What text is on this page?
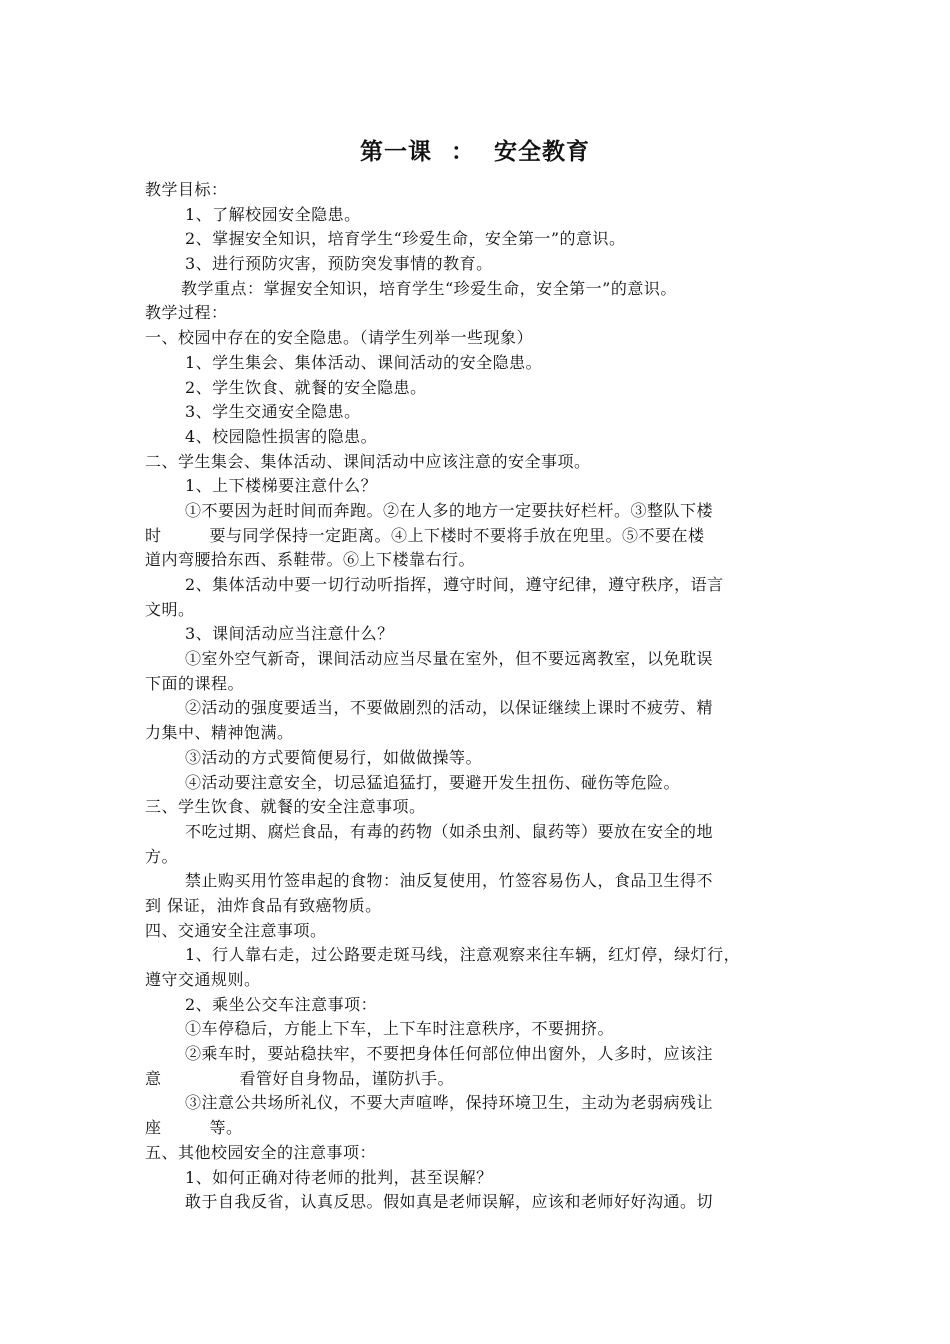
第一课 ： 安全教育
教学目标：
1、了解校园安全隐患。
2、掌握安全知识，培育学生“珍爱生命，安全第一”的意识。
3、进行预防灾害，预防突发事情的教育。
教学重点：掌握安全知识，培育学生“珍爱生命，安全第一”的意识。
教学过程：
一、校园中存在的安全隐患。（请学生列举一些现象）
1、学生集会、集体活动、课间活动的安全隐患。
2、学生饮食、就餐的安全隐患。
3、学生交通安全隐患。
4、校园隐性损害的隐患。
二、学生集会、集体活动、课间活动中应该注意的安全事项。
1、上下楼梯要注意什么？
①不要因为赶时间而奔跑。②在人多的地方一定要扶好栏杆。③整队下楼
时	要与同学保持一定距离。④上下楼时不要将手放在兜里。⑤不要在楼
道内弯腰拾东西、系鞋带。⑥上下楼靠右行。
2、集体活动中要一切行动听指挥，遵守时间，遵守纪律，遵守秩序，语言
文明。
3、课间活动应当注意什么？
①室外空气新奇，课间活动应当尽量在室外，但不要远离教室，以免耽误
下面的课程。
②活动的强度要适当，不要做剧烈的活动，以保证继续上课时不疲劳、精
力集中、精神饱满。
③活动的方式要简便易行，如做做操等。
④活动要注意安全，切忌猛追猛打，要避开发生扭伤、碰伤等危险。
三、学生饮食、就餐的安全注意事项。
不吃过期、腐烂食品，有毒的药物（如杀虫剂、鼠药等）要放在安全的地
方。
禁止购买用竹签串起的食物：油反复使用，竹签容易伤人，食品卫生得不
到 保证，油炸食品有致癌物质。
四、交通安全注意事项。
1、行人靠右走，过公路要走斑马线，注意观察来往车辆，红灯停，绿灯行，
遵守交通规则。
2、乘坐公交车注意事项：
①车停稳后，方能上下车，上下车时注意秩序，不要拥挤。
②乘车时，要站稳扶牢，不要把身体任何部位伸出窗外，人多时，应该注
意	看管好自身物品，谨防扒手。
③注意公共场所礼仪，不要大声喧哗，保持环境卫生，主动为老弱病残让
座	等。
五、其他校园安全的注意事项：
1、如何正确对待老师的批判，甚至误解？
敢于自我反省，认真反思。假如真是老师误解，应该和老师好好沟通。切
